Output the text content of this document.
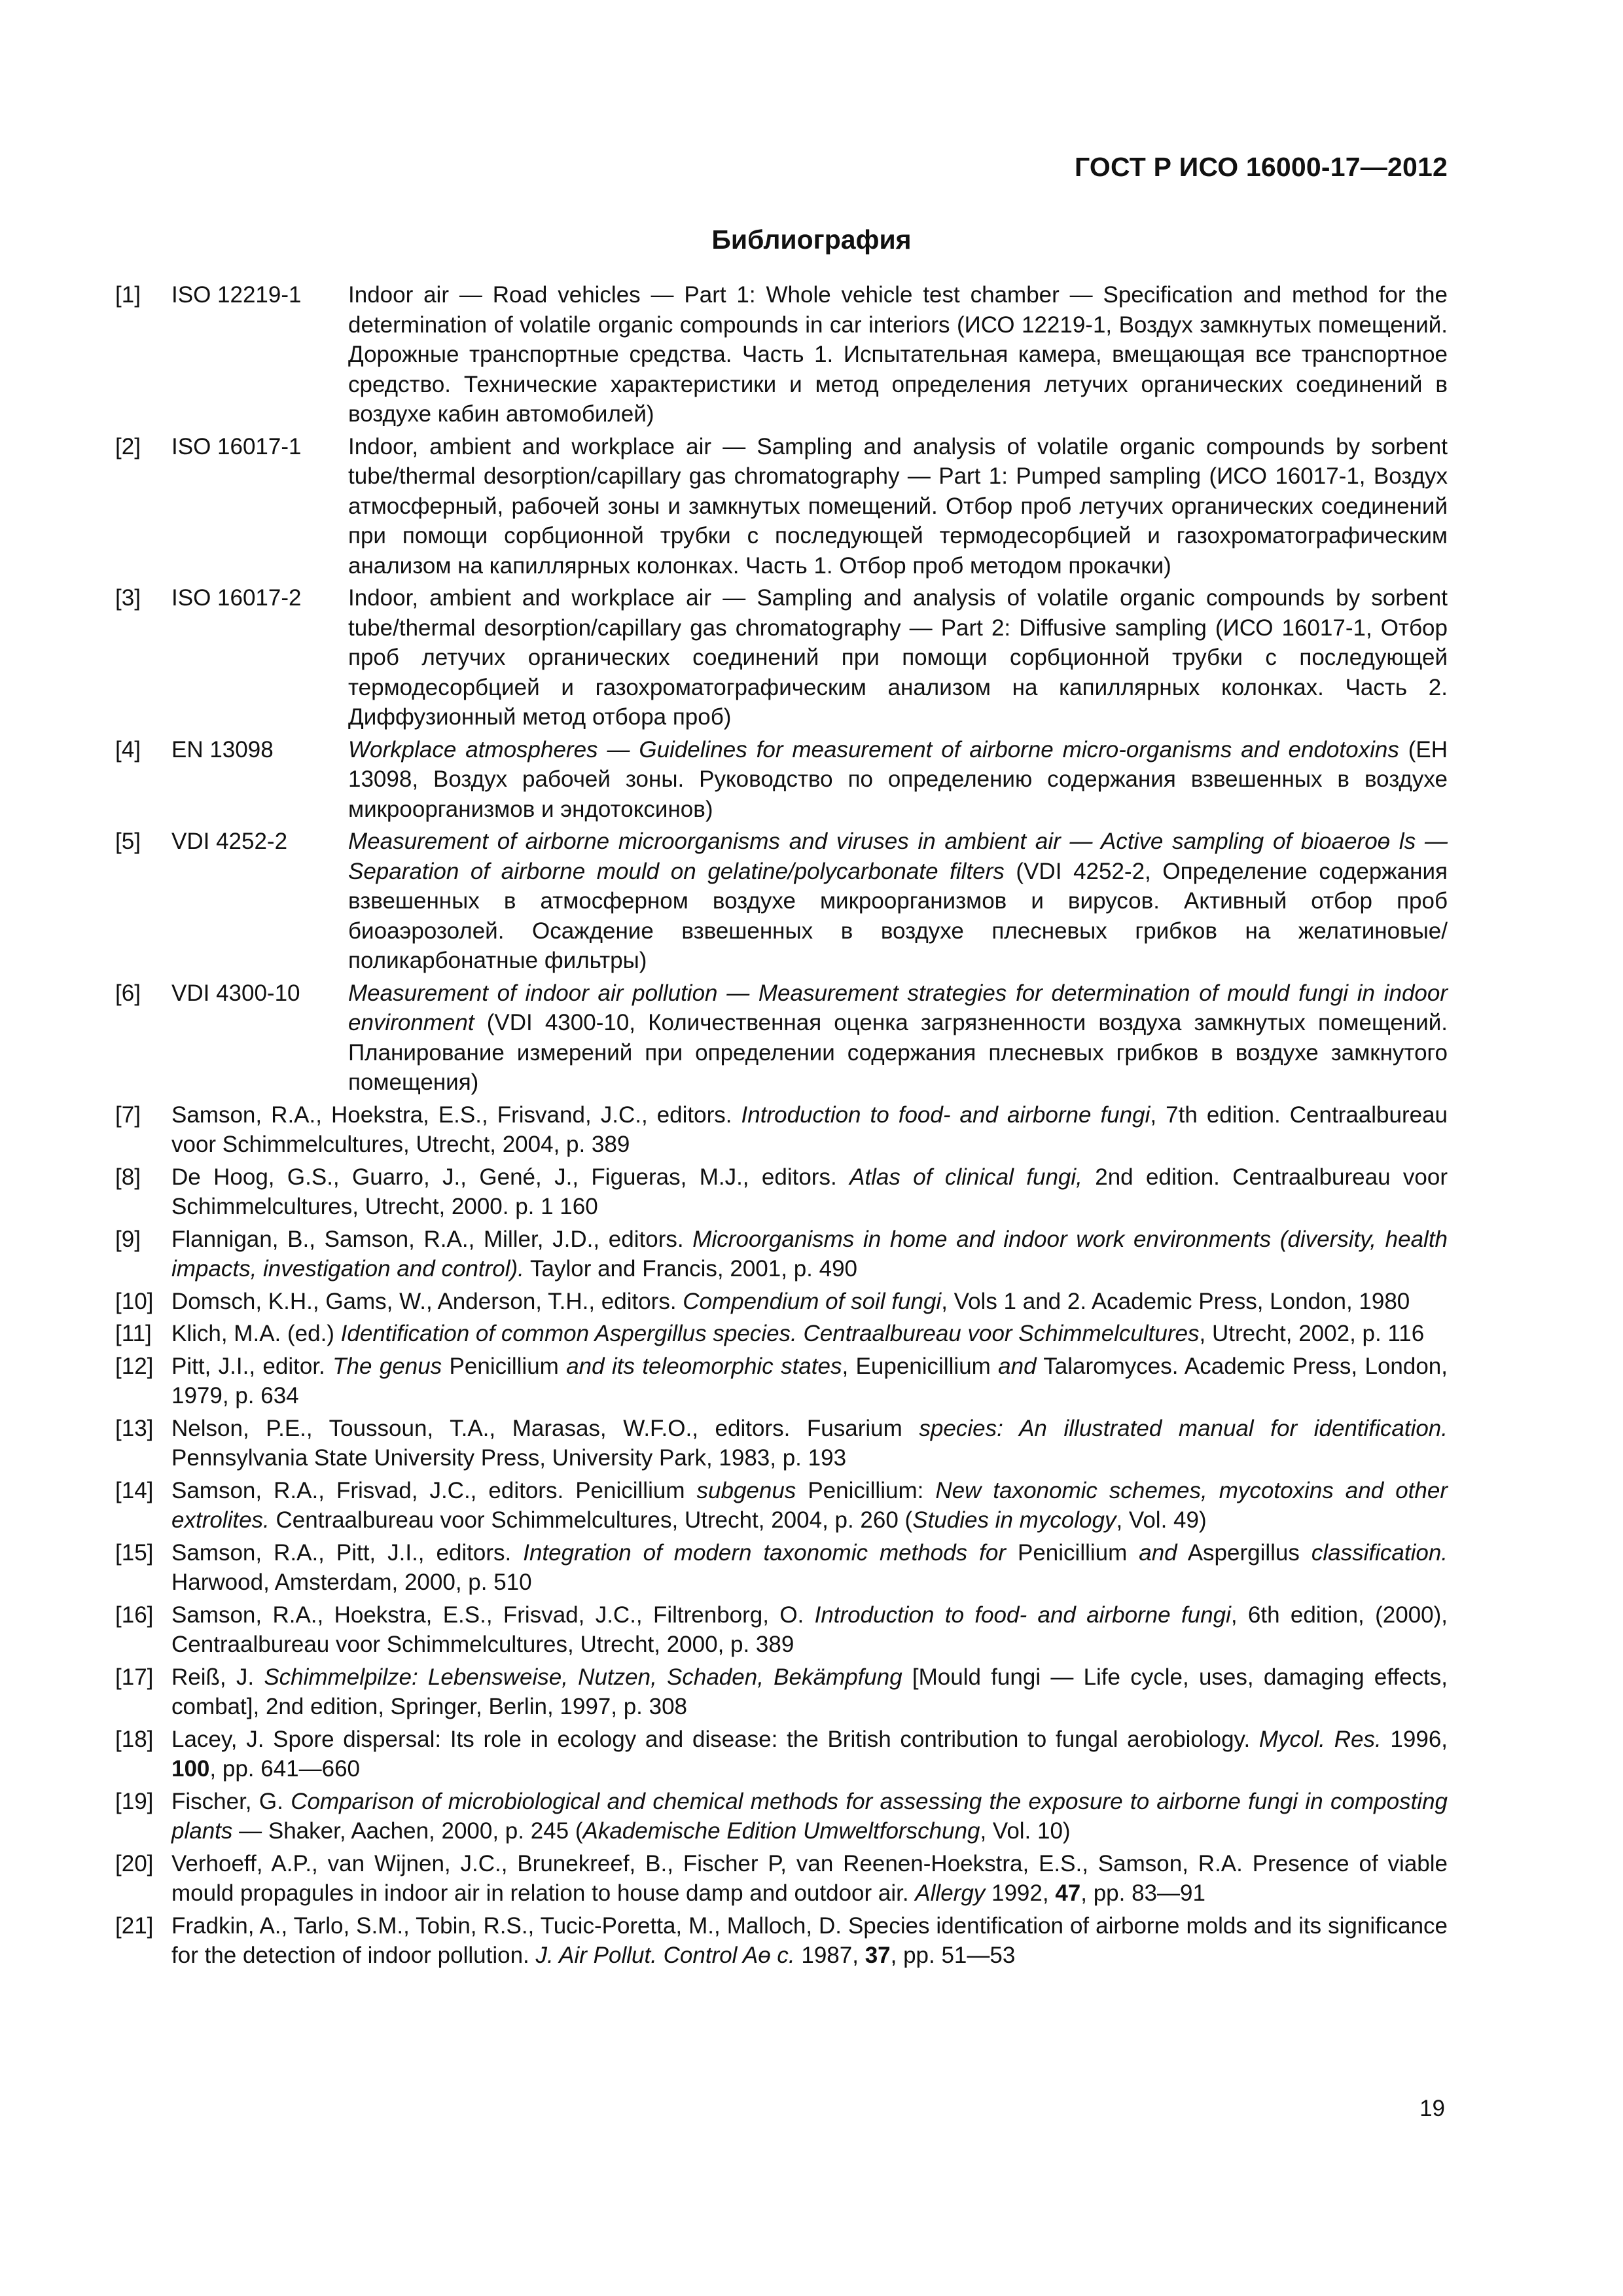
ГОСТ Р ИСО 16000-17—2012
Библиография
[1] ISO 12219-1 Indoor air — Road vehicles — Part 1: Whole vehicle test chamber — Specification and method for the determination of volatile organic compounds in car interiors (ИСО 12219-1, Воздух замкнутых помещений. Дорожные транспортные средства. Часть 1. Испытательная камера, вмещающая все транспортное средство. Технические характеристики и метод определения летучих органических соединений в воздухе кабин автомобилей)
[2] ISO 16017-1 Indoor, ambient and workplace air — Sampling and analysis of volatile organic compounds by sorbent tube/thermal desorption/capillary gas chromatography — Part 1: Pumped sampling (ИСО 16017-1, Воздух атмосферный, рабочей зоны и замкнутых помещений. Отбор проб летучих органических соединений при помощи сорбционной трубки с последующей термодесорбцией и газохроматографическим анализом на капиллярных колонках. Часть 1. Отбор проб методом прокачки)
[3] ISO 16017-2 Indoor, ambient and workplace air — Sampling and analysis of volatile organic compounds by sorbent tube/thermal desorption/capillary gas chromatography — Part 2: Diffusive sampling (ИСО 16017-1, Отбор проб летучих органических соединений при помощи сорбционной трубки с последующей термодесорбцией и газохроматографическим анализом на капиллярных колонках. Часть 2. Диффузионный метод отбора проб)
[4] EN 13098	Workplace atmospheres — Guidelines for measurement of airborne micro-organisms and endotoxins (ЕН 13098, Воздух рабочей зоны. Руководство по определению содержания взвешенных в воздухе микроорганизмов и эндотоксинов)
[5] VDI 4252-2	Measurement of airborne microorganisms and viruses in ambient air — Active sampling of bioaeroɵ ls — Separation of airborne mould on gelatine/polycarbonate filters (VDI 4252-2, Определение содержания взвешенных в атмосферном воздухе микроорганизмов и вирусов. Активный отбор проб биоаэрозолей. Осаждение взвешенных в воздухе плесневых грибков на желатиновые/поликарбонатные фильтры)
[6] VDI 4300-10 Measurement of indoor air pollution — Measurement strategies for determination of mould fungi in indoor environment (VDI 4300-10, Количественная оценка загрязненности воздуха замкнутых помещений. Планирование измерений при определении содержания плесневых грибков в воздухе замкнутого помещения)
[7] Samson, R.A., Hoekstra, E.S., Frisvand, J.C., editors. Introduction to food- and airborne fungi, 7th edition. Centraalbureau voor Schimmelcultures, Utrecht, 2004, p. 389
[8] De Hoog, G.S., Guarro, J., Gené, J., Figueras, M.J., editors. Atlas of clinical fungi, 2nd edition. Centraalbureau voor Schimmelcultures, Utrecht, 2000. p. 1 160
[9] Flannigan, B., Samson, R.A., Miller, J.D., editors. Microorganisms in home and indoor work environments (diversity, health impacts, investigation and control). Taylor and Francis, 2001, p. 490
[10] Domsch, K.H., Gams, W., Anderson, T.H., editors. Compendium of soil fungi, Vols 1 and 2. Academic Press, London, 1980
[11] Klich, M.A. (ed.) Identification of common Aspergillus species. Centraalbureau voor Schimmelcultures, Utrecht, 2002, p. 116
[12] Pitt, J.I., editor. The genus Penicillium and its teleomorphic states, Eupenicillium and Talaromyces. Academic Press, London, 1979, p. 634
[13] Nelson, P.E., Toussoun, T.A., Marasas, W.F.O., editors. Fusarium species: An illustrated manual for identification. Pennsylvania State University Press, University Park, 1983, p. 193
[14] Samson, R.A., Frisvad, J.C., editors. Penicillium subgenus Penicillium: New taxonomic schemes, mycotoxins and other extrolites. Centraalbureau voor Schimmelcultures, Utrecht, 2004, p. 260 (Studies in mycology, Vol. 49)
[15] Samson, R.A., Pitt, J.I., editors. Integration of modern taxonomic methods for Penicillium and Aspergillus classification. Harwood, Amsterdam, 2000, p. 510
[16] Samson, R.A., Hoekstra, E.S., Frisvad, J.C., Filtrenborg, O. Introduction to food- and airborne fungi, 6th edition, (2000), Centraalbureau voor Schimmelcultures, Utrecht, 2000, p. 389
[17] Reiß, J. Schimmelpilze: Lebensweise, Nutzen, Schaden, Bekämpfung [Mould fungi — Life cycle, uses, damaging effects, combat], 2nd edition, Springer, Berlin, 1997, p. 308
[18] Lacey, J. Spore dispersal: Its role in ecology and disease: the British contribution to fungal aerobiology. Mycol. Res. 1996, 100, pp. 641—660
[19] Fischer, G. Comparison of microbiological and chemical methods for assessing the exposure to airborne fungi in composting plants — Shaker, Aachen, 2000, p. 245 (Akademische Edition Umweltforschung, Vol. 10)
[20] Verhoeff, A.P., van Wijnen, J.C., Brunekreef, B., Fischer P, van Reenen-Hoekstra, E.S., Samson, R.A. Presence of viable mould propagules in indoor air in relation to house damp and outdoor air. Allergy 1992, 47, pp. 83—91
[21] Fradkin, A., Tarlo, S.M., Tobin, R.S., Tucic-Poretta, M., Malloch, D. Species identification of airborne molds and its significance for the detection of indoor pollution. J. Air Pollut. Control Aɵ c. 1987, 37, pp. 51—53
19
